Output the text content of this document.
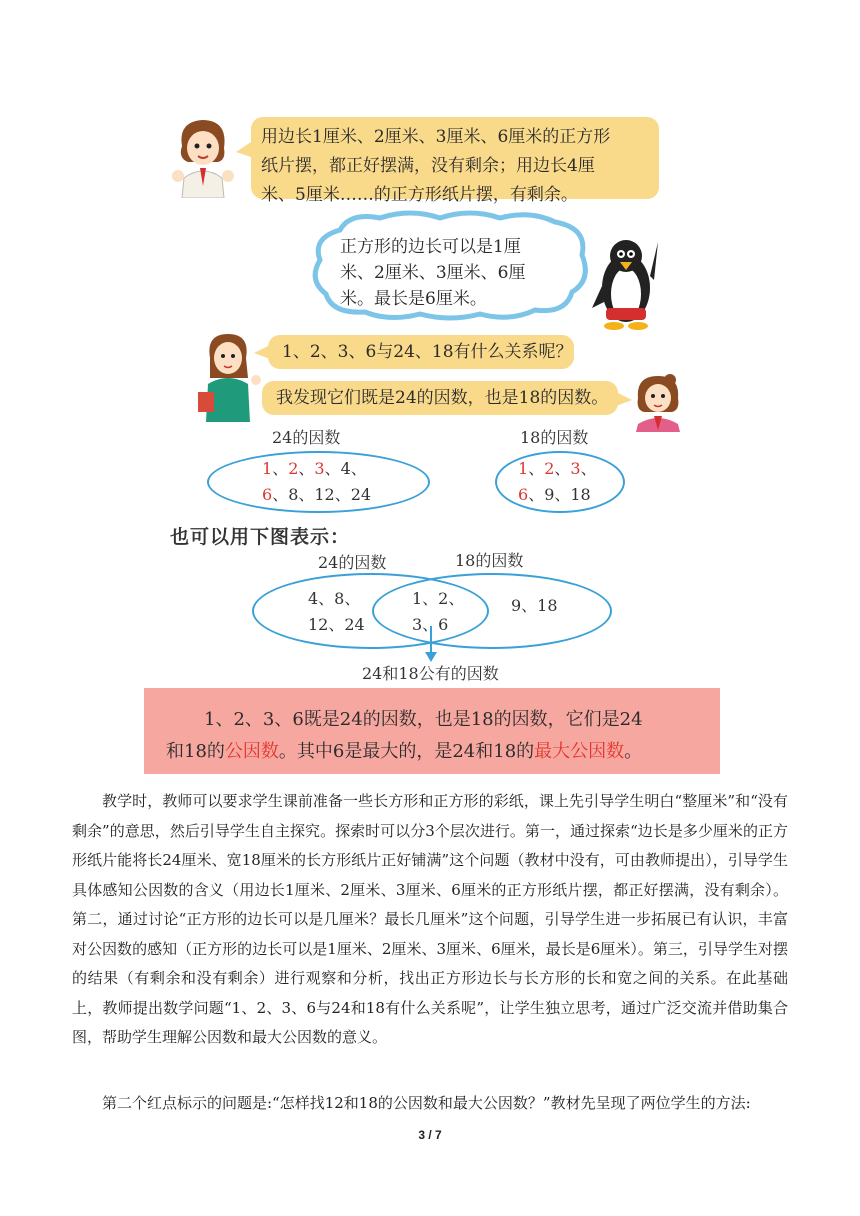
用边长1厘米、2厘米、3厘米、6厘米的正方形
纸片摆，都正好摆满，没有剩余；用边长4厘
米、5厘米……的正方形纸片摆，有剩余。
正方形的边长可以是1厘
米、2厘米、3厘米、6厘
米。最长是6厘米。
1、2、3、6与24、18有什么关系呢？
我发现它们既是24的因数，也是18的因数。
24的因数	18的因数
1、2、3、4、
6、8、12、24
1、2、3、
6、9、18
也可以用下图表示：
24的因数	18的因数
4、8、
12、24
1、2、
3、6
9、18
24和18公有的因数
1、2、3、6既是24的因数，也是18的因数，它们是24
和18的公因数。其中6是最大的，是24和18的最大公因数。
教学时，教师可以要求学生课前准备一些长方形和正方形的彩纸，课上先引导学生明白“整厘米”和“没有剩余”的意思，然后引导学生自主探究。探索时可以分3个层次进行。第一，通过探索“边长是多少厘米的正方形纸片能将长24厘米、宽18厘米的长方形纸片正好铺满”这个问题（教材中没有，可由教师提出），引导学生具体感知公因数的含义（用边长1厘米、2厘米、3厘米、6厘米的正方形纸片摆，都正好摆满，没有剩余）。第二，通过讨论“正方形的边长可以是几厘米？最长几厘米”这个问题，引导学生进一步拓展已有认识，丰富对公因数的感知（正方形的边长可以是1厘米、2厘米、3厘米、6厘米，最长是6厘米）。第三，引导学生对摆的结果（有剩余和没有剩余）进行观察和分析，找出正方形边长与长方形的长和宽之间的关系。在此基础上，教师提出数学问题“1、2、3、6与24和18有什么关系呢”，让学生独立思考，通过广泛交流并借助集合图，帮助学生理解公因数和最大公因数的意义。
第二个红点标示的问题是:“怎样找12和18的公因数和最大公因数？”教材先呈现了两位学生的方法:
3 / 7
